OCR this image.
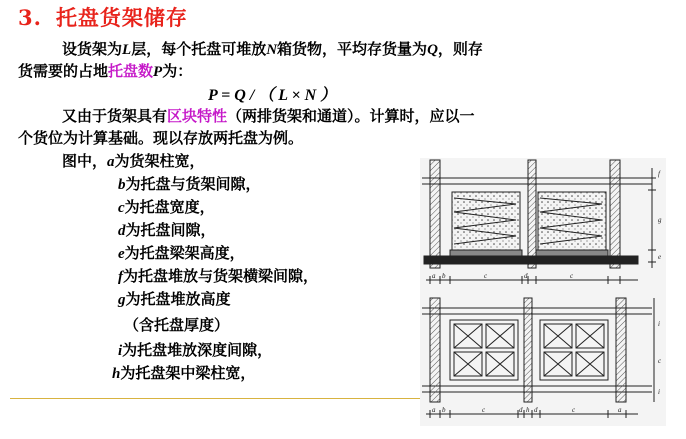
3. 托盘货架储存
设货架为L层，每个托盘可堆放N箱货物，平均存货量为Q，则存
货需要的占地托盘数P为：
P = Q / （ L × N ）
又由于货架具有区块特性（两排货架和通道）。计算时，应以一
个货位为计算基础。现以存放两托盘为例。
图中，a为货架柱宽，
b为托盘与货架间隙，
c为托盘宽度，
d为托盘间隙，
e为托盘梁架高度，
f为托盘堆放与货架横梁间隙，
g为托盘堆放高度
（含托盘厚度）
i为托盘堆放深度间隙，
h为托盘架中梁柱宽，
f
g
e
a b	c	d	c
i
c
i
a b	c	d h d	c	a
